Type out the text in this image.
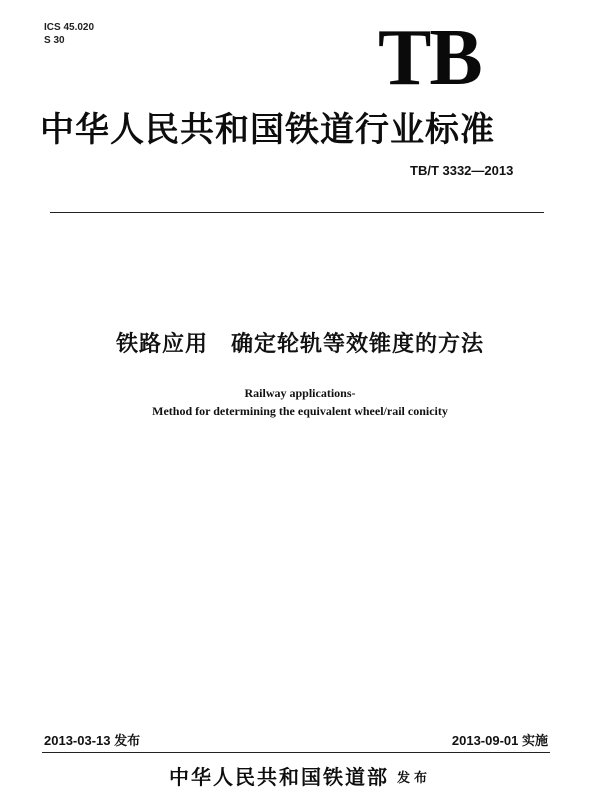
ICS 45.020
S 30	TB
中华人民共和国铁道行业标准
TB/T 3332—2013
铁路应用　确定轮轨等效锥度的方法
Railway applications-
Method for determining the equivalent wheel/rail conicity
2013-03-13 发布	2013-09-01 实施
中华人民共和国铁道部 发布
